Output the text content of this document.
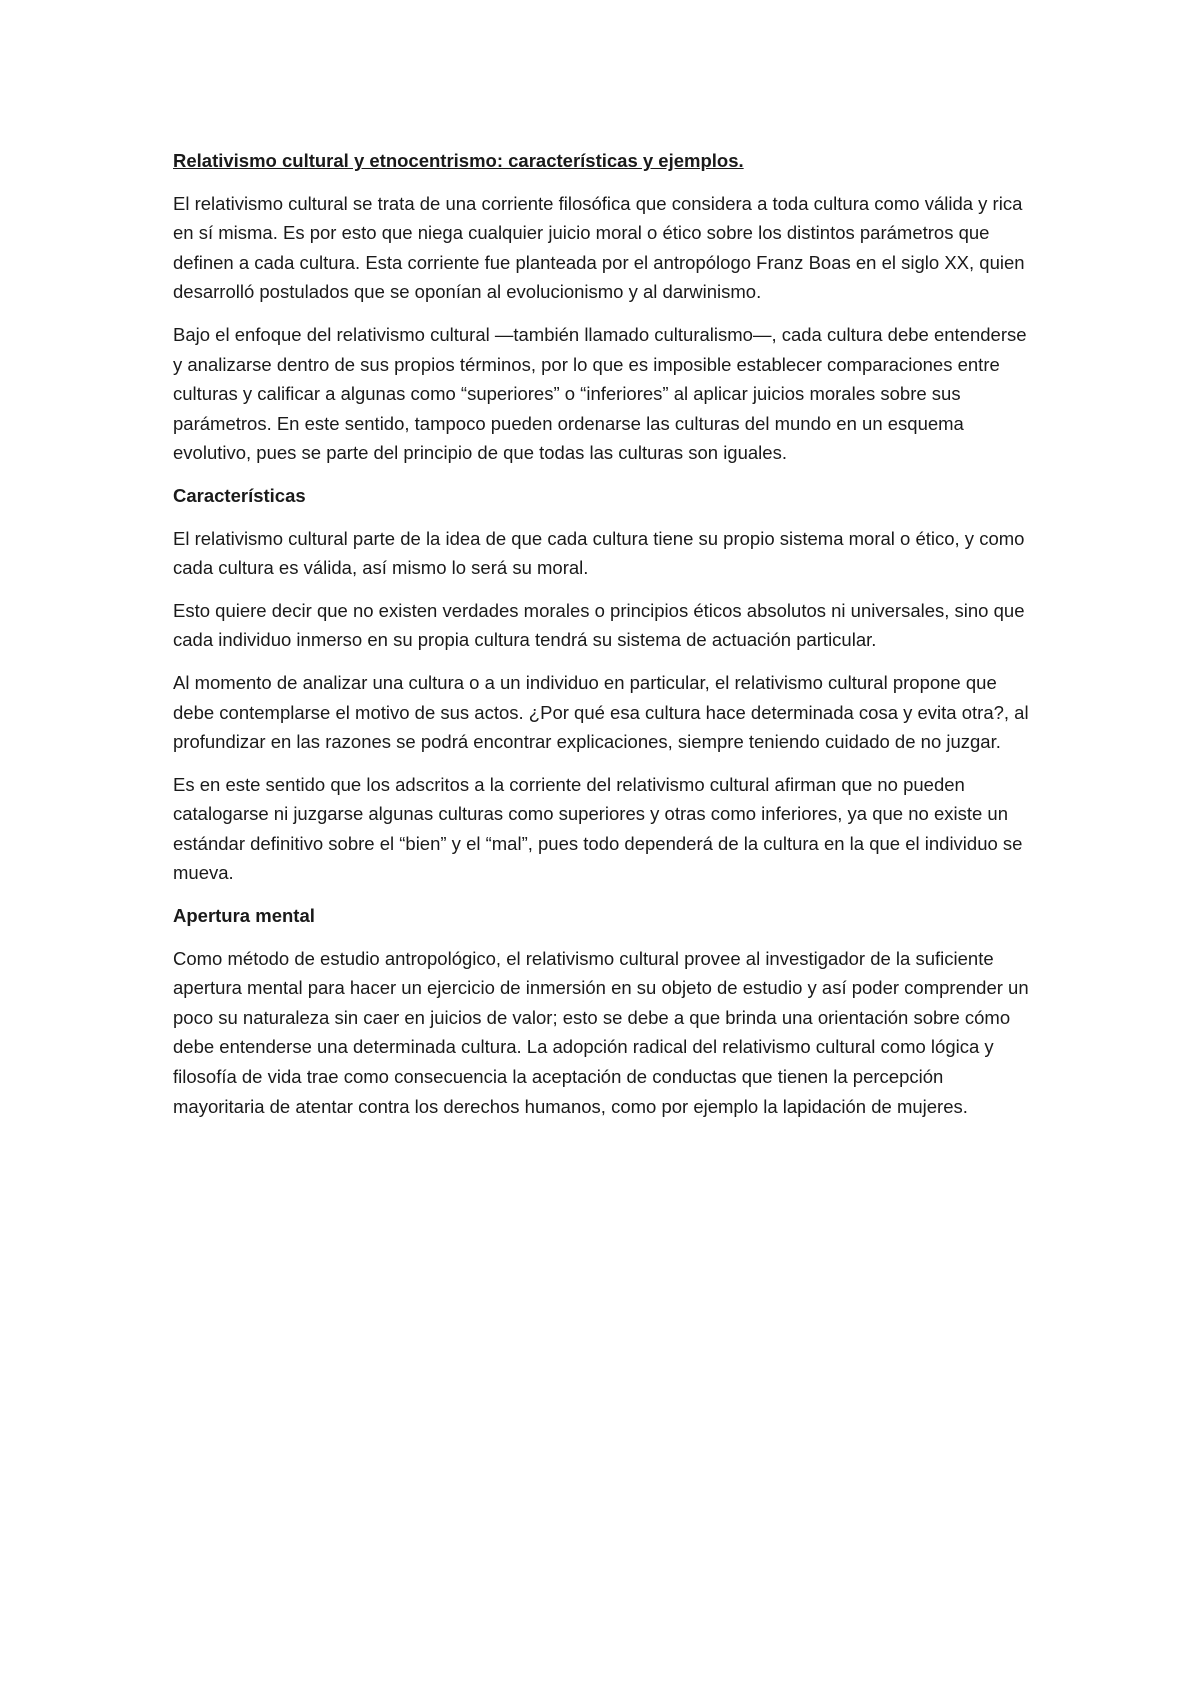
Relativismo cultural y etnocentrismo: características y ejemplos.

El relativismo cultural se trata de una corriente filosófica que considera a toda cultura como válida y rica en sí misma. Es por esto que niega cualquier juicio moral o ético sobre los distintos parámetros que definen a cada cultura. Esta corriente fue planteada por el antropólogo Franz Boas en el siglo XX, quien desarrolló postulados que se oponían al evolucionismo y al darwinismo.

Bajo el enfoque del relativismo cultural —también llamado culturalismo—, cada cultura debe entenderse y analizarse dentro de sus propios términos, por lo que es imposible establecer comparaciones entre culturas y calificar a algunas como “superiores” o “inferiores” al aplicar juicios morales sobre sus parámetros. En este sentido, tampoco pueden ordenarse las culturas del mundo en un esquema evolutivo, pues se parte del principio de que todas las culturas son iguales.

Características

El relativismo cultural parte de la idea de que cada cultura tiene su propio sistema moral o ético, y como cada cultura es válida, así mismo lo será su moral.

Esto quiere decir que no existen verdades morales o principios éticos absolutos ni universales, sino que cada individuo inmerso en su propia cultura tendrá su sistema de actuación particular.

Al momento de analizar una cultura o a un individuo en particular, el relativismo cultural propone que debe contemplarse el motivo de sus actos. ¿Por qué esa cultura hace determinada cosa y evita otra?, al profundizar en las razones se podrá encontrar explicaciones, siempre teniendo cuidado de no juzgar.

Es en este sentido que los adscritos a la corriente del relativismo cultural afirman que no pueden catalogarse ni juzgarse algunas culturas como superiores y otras como inferiores, ya que no existe un estándar definitivo sobre el “bien” y el “mal”, pues todo dependerá de la cultura en la que el individuo se mueva.

Apertura mental

Como método de estudio antropológico, el relativismo cultural provee al investigador de la suficiente apertura mental para hacer un ejercicio de inmersión en su objeto de estudio y así poder comprender un poco su naturaleza sin caer en juicios de valor; esto se debe a que brinda una orientación sobre cómo debe entenderse una determinada cultura. La adopción radical del relativismo cultural como lógica y filosofía de vida trae como consecuencia la aceptación de conductas que tienen la percepción mayoritaria de atentar contra los derechos humanos, como por ejemplo la lapidación de mujeres.
